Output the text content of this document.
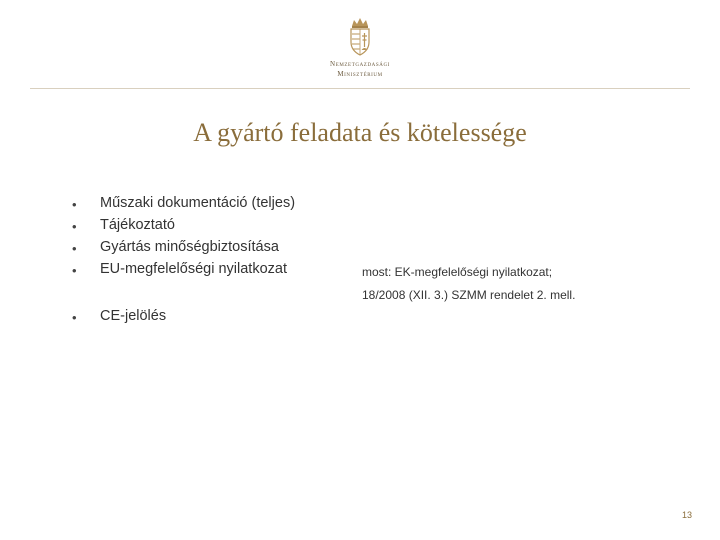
Nemzetgazdasági
Minisztérium
A gyártó feladata és kötelessége
• Műszaki dokumentáció (teljes)
• Tájékoztató
• Gyártás minőségbiztosítása
• EU-megfelelőségi nyilatkozat
• CE-jelölés
most: EK-megfelelőségi nyilatkozat;
18/2008 (XII. 3.) SZMM rendelet 2. mell.
13
